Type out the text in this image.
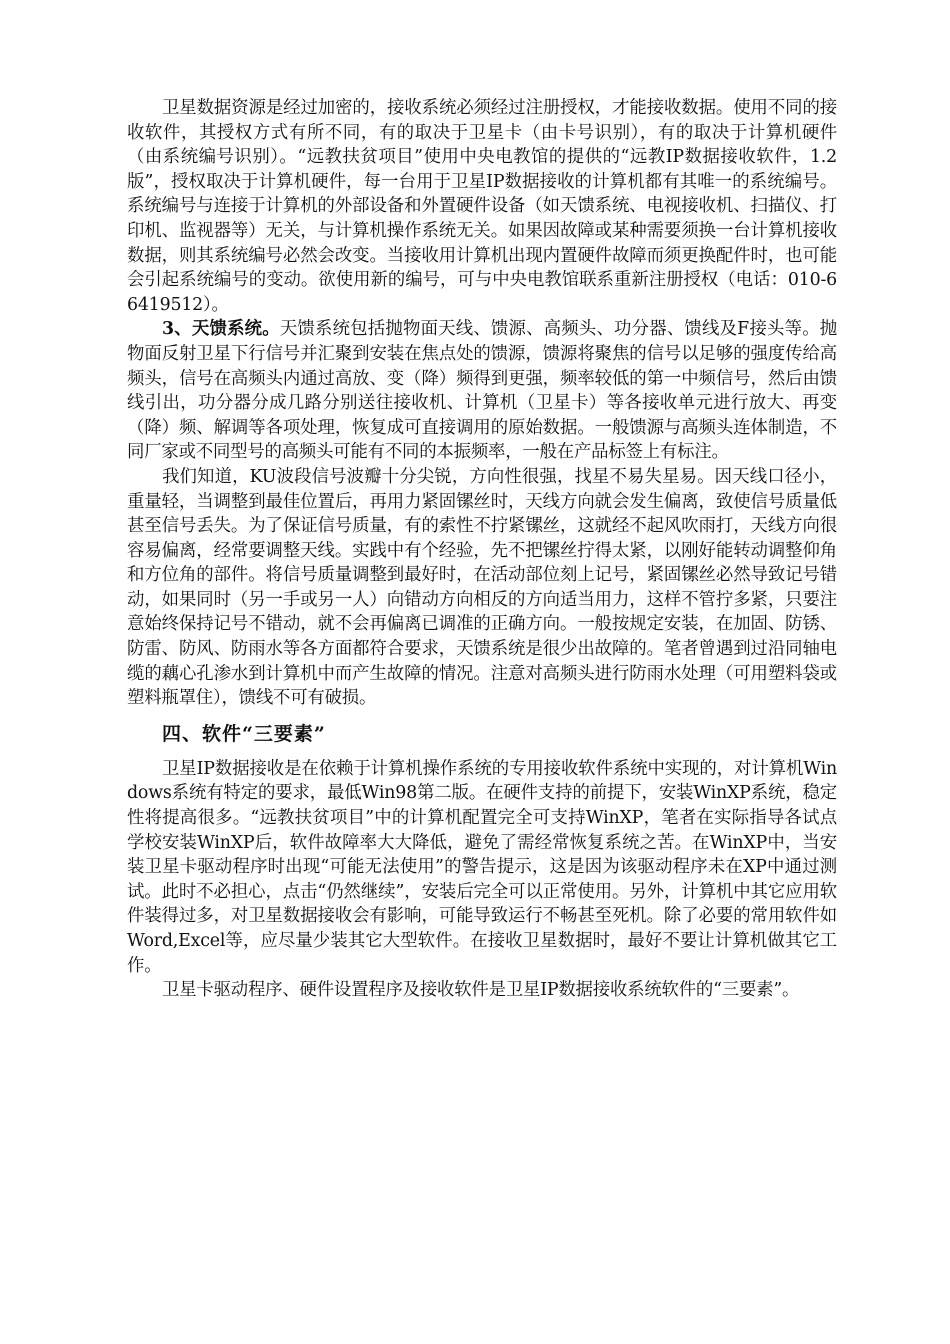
卫星数据资源是经过加密的，接收系统必须经过注册授权，才能接收数据。使用不同的接收软件，其授权方式有所不同，有的取决于卫星卡（由卡号识别），有的取决于计算机硬件（由系统编号识别）。“远教扶贫项目”使用中央电教馆的提供的“远教IP数据接收软件，1.2版”，授权取决于计算机硬件，每一台用于卫星IP数据接收的计算机都有其唯一的系统编号。系统编号与连接于计算机的外部设备和外置硬件设备（如天馈系统、电视接收机、扫描仪、打印机、监视器等）无关，与计算机操作系统无关。如果因故障或某种需要须换一台计算机接收数据，则其系统编号必然会改变。当接收用计算机出现内置硬件故障而须更换配件时，也可能会引起系统编号的变动。欲使用新的编号，可与中央电教馆联系重新注册授权（电话：010-66419512）。

3、天馈系统。天馈系统包括抛物面天线、馈源、高频头、功分器、馈线及F接头等。抛物面反射卫星下行信号并汇聚到安装在焦点处的馈源，馈源将聚焦的信号以足够的强度传给高频头，信号在高频头内通过高放、变（降）频得到更强，频率较低的第一中频信号，然后由馈线引出，功分器分成几路分别送往接收机、计算机（卫星卡）等各接收单元进行放大、再变（降）频、解调等各项处理，恢复成可直接调用的原始数据。一般馈源与高频头连体制造，不同厂家或不同型号的高频头可能有不同的本振频率，一般在产品标签上有标注。

我们知道，KU波段信号波瓣十分尖锐，方向性很强，找星不易失星易。因天线口径小，重量轻，当调整到最佳位置后，再用力紧固镙丝时，天线方向就会发生偏离，致使信号质量低甚至信号丢失。为了保证信号质量，有的索性不拧紧镙丝，这就经不起风吹雨打，天线方向很容易偏离，经常要调整天线。实践中有个经验，先不把镙丝拧得太紧，以刚好能转动调整仰角和方位角的部件。将信号质量调整到最好时，在活动部位刻上记号，紧固镙丝必然导致记号错动，如果同时（另一手或另一人）向错动方向相反的方向适当用力，这样不管拧多紧，只要注意始终保持记号不错动，就不会再偏离已调准的正确方向。一般按规定安装，在加固、防锈、防雷、防风、防雨水等各方面都符合要求，天馈系统是很少出故障的。笔者曾遇到过沿同轴电缆的藕心孔渗水到计算机中而产生故障的情况。注意对高频头进行防雨水处理（可用塑料袋或塑料瓶罩住），馈线不可有破损。

四、软件“三要素”

卫星IP数据接收是在依赖于计算机操作系统的专用接收软件系统中实现的，对计算机Windows系统有特定的要求，最低Win98第二版。在硬件支持的前提下，安装WinXP系统，稳定性将提高很多。“远教扶贫项目”中的计算机配置完全可支持WinXP，笔者在实际指导各试点学校安装WinXP后，软件故障率大大降低，避免了需经常恢复系统之苦。在WinXP中，当安装卫星卡驱动程序时出现“可能无法使用”的警告提示，这是因为该驱动程序未在XP中通过测试。此时不必担心，点击“仍然继续”，安装后完全可以正常使用。另外，计算机中其它应用软件装得过多，对卫星数据接收会有影响，可能导致运行不畅甚至死机。除了必要的常用软件如Word,Excel等，应尽量少装其它大型软件。在接收卫星数据时，最好不要让计算机做其它工作。

卫星卡驱动程序、硬件设置程序及接收软件是卫星IP数据接收系统软件的“三要素”。
